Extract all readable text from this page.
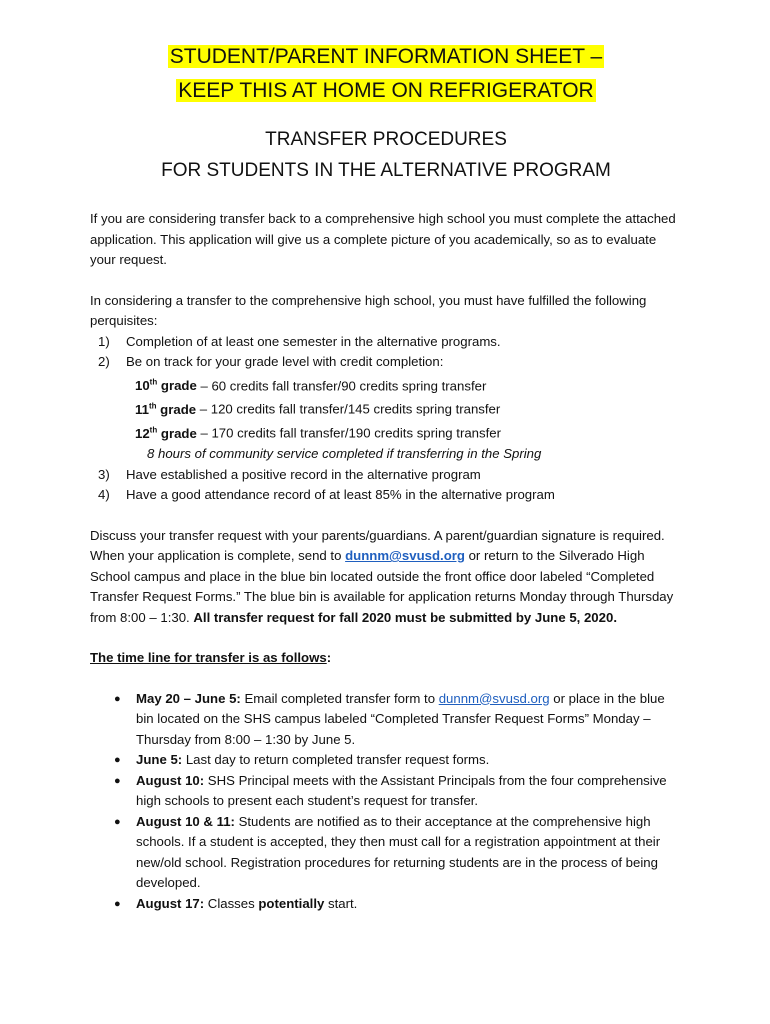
STUDENT/PARENT INFORMATION SHEET –
KEEP THIS AT HOME ON REFRIGERATOR
TRANSFER PROCEDURES
FOR STUDENTS IN THE ALTERNATIVE PROGRAM

If you are considering transfer back to a comprehensive high school you must complete the attached application. This application will give us a complete picture of you academically, so as to evaluate your request.

In considering a transfer to the comprehensive high school, you must have fulfilled the following perquisites:

1)	Completion of at least one semester in the alternative programs.
2)	Be on track for your grade level with credit completion:
10th grade – 60 credits fall transfer/90 credits spring transfer
11th grade – 120 credits fall transfer/145 credits spring transfer
12th grade – 170 credits fall transfer/190 credits spring transfer
8 hours of community service completed if transferring in the Spring
3)	Have established a positive record in the alternative program
4)	Have a good attendance record of at least 85% in the alternative program

Discuss your transfer request with your parents/guardians. A parent/guardian signature is required. When your application is complete, send to dunnm@svusd.org or return to the Silverado High School campus and place in the blue bin located outside the front office door labeled “Completed Transfer Request Forms.” The blue bin is available for application returns Monday through Thursday from 8:00 – 1:30. All transfer request for fall 2020 must be submitted by June 5, 2020.

The time line for transfer is as follows:

●	May 20 – June 5: Email completed transfer form to dunnm@svusd.org or place in the blue bin located on the SHS campus labeled “Completed Transfer Request Forms” Monday – Thursday from 8:00 – 1:30 by June 5.
●	June 5: Last day to return completed transfer request forms.
●	August 10: SHS Principal meets with the Assistant Principals from the four comprehensive high schools to present each student’s request for transfer.
●	August 10 & 11: Students are notified as to their acceptance at the comprehensive high schools. If a student is accepted, they then must call for a registration appointment at their new/old school. Registration procedures for returning students are in the process of being developed.
●	August 17: Classes potentially start.
